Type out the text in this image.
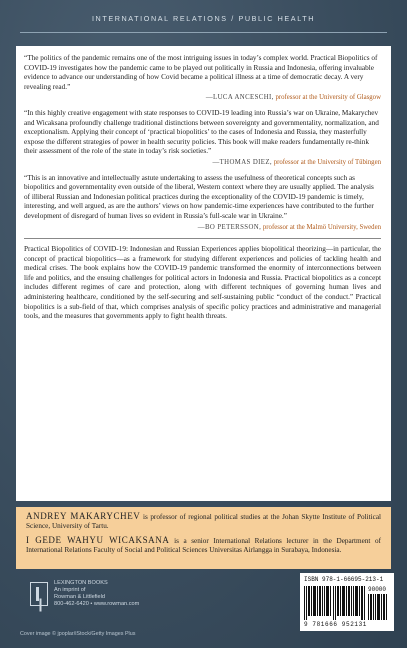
INTERNATIONAL RELATIONS / PUBLIC HEALTH
“The politics of the pandemic remains one of the most intriguing issues in today’s complex world. Practical Biopolitics of COVID-19 investigates how the pandemic came to be played out politically in Russia and Indonesia, offering invaluable evidence to advance our understanding of how Covid became a political illness at a time of democratic decay. A very revealing read.”
—LUCA ANCESCHI, professor at the University of Glasgow
“In this highly creative engagement with state responses to COVID-19 leading into Russia’s war on Ukraine, Makarychev and Wicaksana profoundly challenge traditional distinctions between sovereignty and governmentality, normalization, and exceptionalism. Applying their concept of ‘practical biopolitics’ to the cases of Indonesia and Russia, they masterfully expose the different strategies of power in health security policies. This book will make readers fundamentally re-think their assessment of the role of the state in today’s risk societies.”
—THOMAS DIEZ, professor at the University of Tübingen
“This is an innovative and intellectually astute undertaking to assess the usefulness of theoretical concepts such as biopolitics and governmentality even outside of the liberal, Western context where they are usually applied. The analysis of illiberal Russian and Indonesian political practices during the exceptionality of the COVID-19 pandemic is timely, interesting, and well argued, as are the authors’ views on how pandemic-time experiences have contributed to the further development of disregard of human lives so evident in Russia’s full-scale war in Ukraine.”
—BO PETERSSON, professor at the Malmö University, Sweden

Practical Biopolitics of COVID-19: Indonesian and Russian Experiences applies biopolitical theorizing—in particular, the concept of practical biopolitics—as a framework for studying different experiences and policies of tackling health and medical crises. The book explains how the COVID-19 pandemic transformed the enormity of interconnections between life and politics, and the ensuing challenges for political actors in Indonesia and Russia. Practical biopolitics as a concept includes different regimes of care and protection, along with different techniques of governing human lives and administering healthcare, conditioned by the self-securing and self-sustaining public “conduct of the conduct.” Practical biopolitics is a sub-field of that, which comprises analysis of specific policy practices and administrative and managerial tools, and the measures that governments apply to fight health threats.

ANDREY MAKARYCHEV is professor of regional political studies at the Johan Skytte Institute of Political Science, University of Tartu.

I GEDE WAHYU WICAKSANA is a senior International Relations lecturer in the Department of International Relations Faculty of Social and Political Sciences Universitas Airlangga in Surabaya, Indonesia.

LEXINGTON BOOKS
An imprint of
Rowman & Littlefield
800-462-6420 • www.rowman.com
Cover image © jpoplar/iStock/Getty Images Plus
ISBN 978-1-66695-213-1
90000
9 781666 952131
